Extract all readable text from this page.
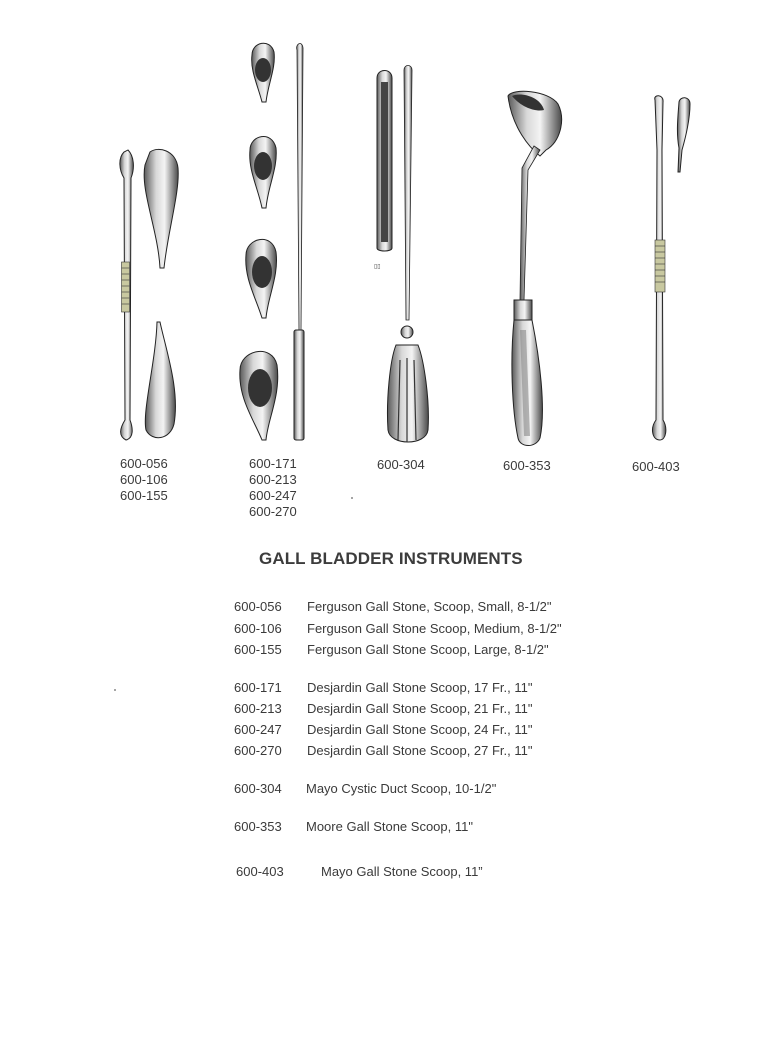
▯▯
600-056
600-106
600-155
600-171
600-213
600-247
600-270
600-304	600-353	600-403
GALL BLADDER INSTRUMENTS
600-056 Ferguson Gall Stone, Scoop, Small, 8-1/2"
600-106 Ferguson Gall Stone Scoop, Medium, 8-1/2"
600-155 Ferguson Gall Stone Scoop, Large, 8-1/2"
600-171 Desjardin Gall Stone Scoop, 17 Fr., 11"
600-213 Desjardin Gall Stone Scoop, 21 Fr., 11"
600-247 Desjardin Gall Stone Scoop, 24 Fr., 11"
600-270 Desjardin Gall Stone Scoop, 27 Fr., 11"
600-304 Mayo Cystic Duct Scoop, 10-1/2"
600-353 Moore Gall Stone Scoop, 11"
600-403	Mayo Gall Stone Scoop, 11”
